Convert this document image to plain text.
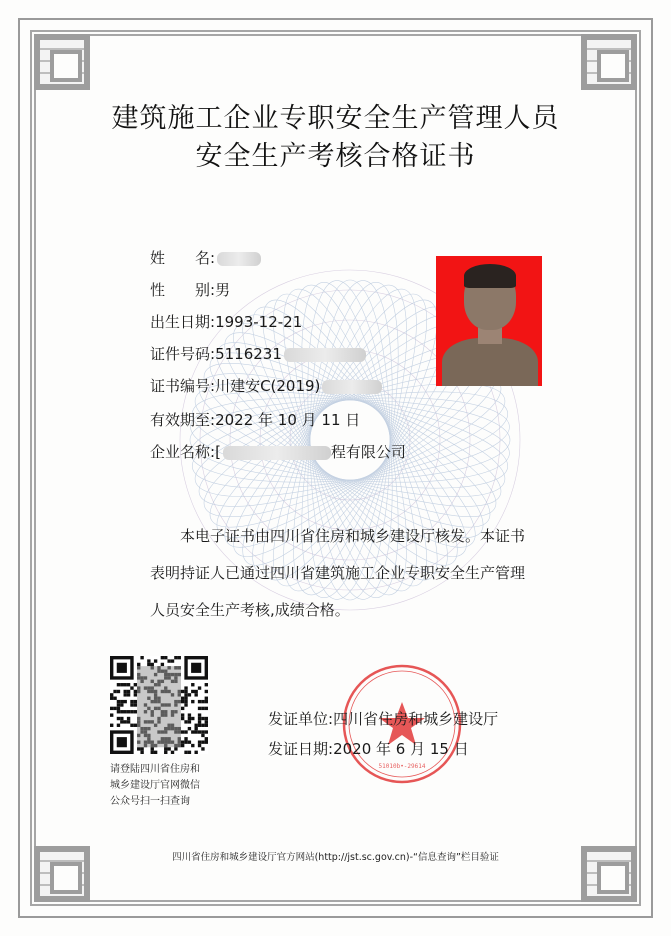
建筑施工企业专职安全生产管理人员
安全生产考核合格证书
姓　　名:
性　　别:男
出生日期:1993-12-21
证件号码:5116231
证书编号:川建安C(2019)
有效期至:2022 年 10 月 11 日
企业名称:[	程有限公司
　　本电子证书由四川省住房和城乡建设厅核发。本证书
表明持证人已通过四川省建筑施工企业专职安全生产管理
人员安全生产考核,成绩合格。
请登陆四川省住房和
城乡建设厅官网微信
公众号扫一扫查询
51010b•-29614
发证单位:四川省住房和城乡建设厅
发证日期:2020 年 6 月 15 日
四川省住房和城乡建设厅官方网站(http://jst.sc.gov.cn)-“信息查询”栏目验证
